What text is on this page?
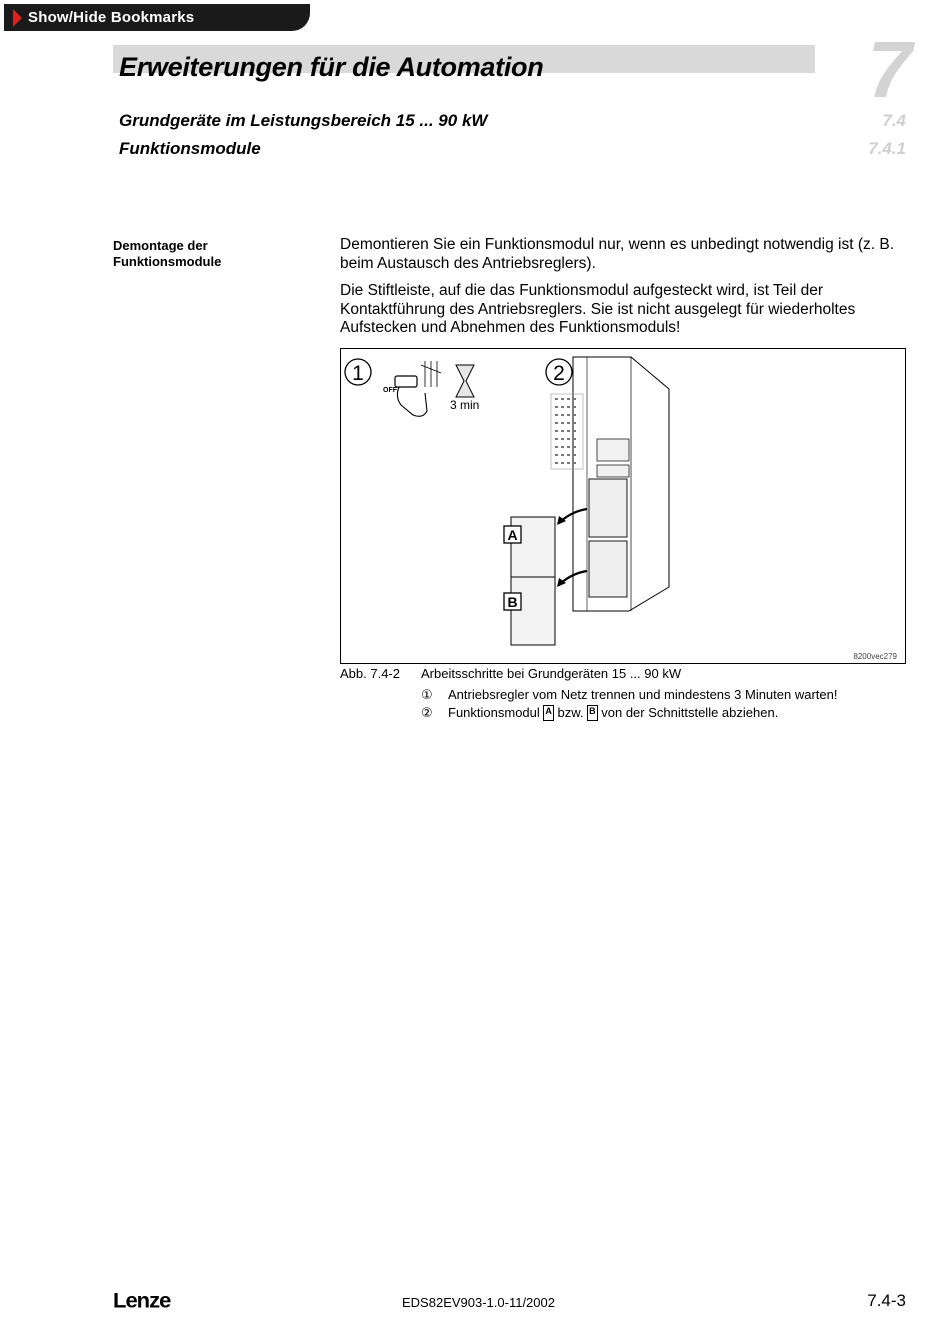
Show/Hide Bookmarks
Erweiterungen für die Automation	7
Grundgeräte im Leistungsbereich 15 ... 90 kW	7.4
Funktionsmodule	7.4.1
Demontage der
Funktionsmodule
Demontieren Sie ein Funktionsmodul nur, wenn es unbedingt notwendig ist (z. B. beim Austausch des Antriebsreglers).
Die Stiftleiste, auf die das Funktionsmodul aufgesteckt wird, ist Teil der Kontaktführung des Antriebsreglers. Sie ist nicht ausgelegt für wiederholtes Aufstecken und Abnehmen des Funktionsmoduls!
1
OFF
3 min
2
A
B
8200vec279
Abb. 7.4-2 Arbeitsschritte bei Grundgeräten 15 ... 90 kW
①	Antriebsregler vom Netz trennen und mindestens 3 Minuten warten!
②	Funktionsmodul A bzw. B von der Schnittstelle abziehen.
Lenze	EDS82EV903-1.0-11/2002	7.4-3
